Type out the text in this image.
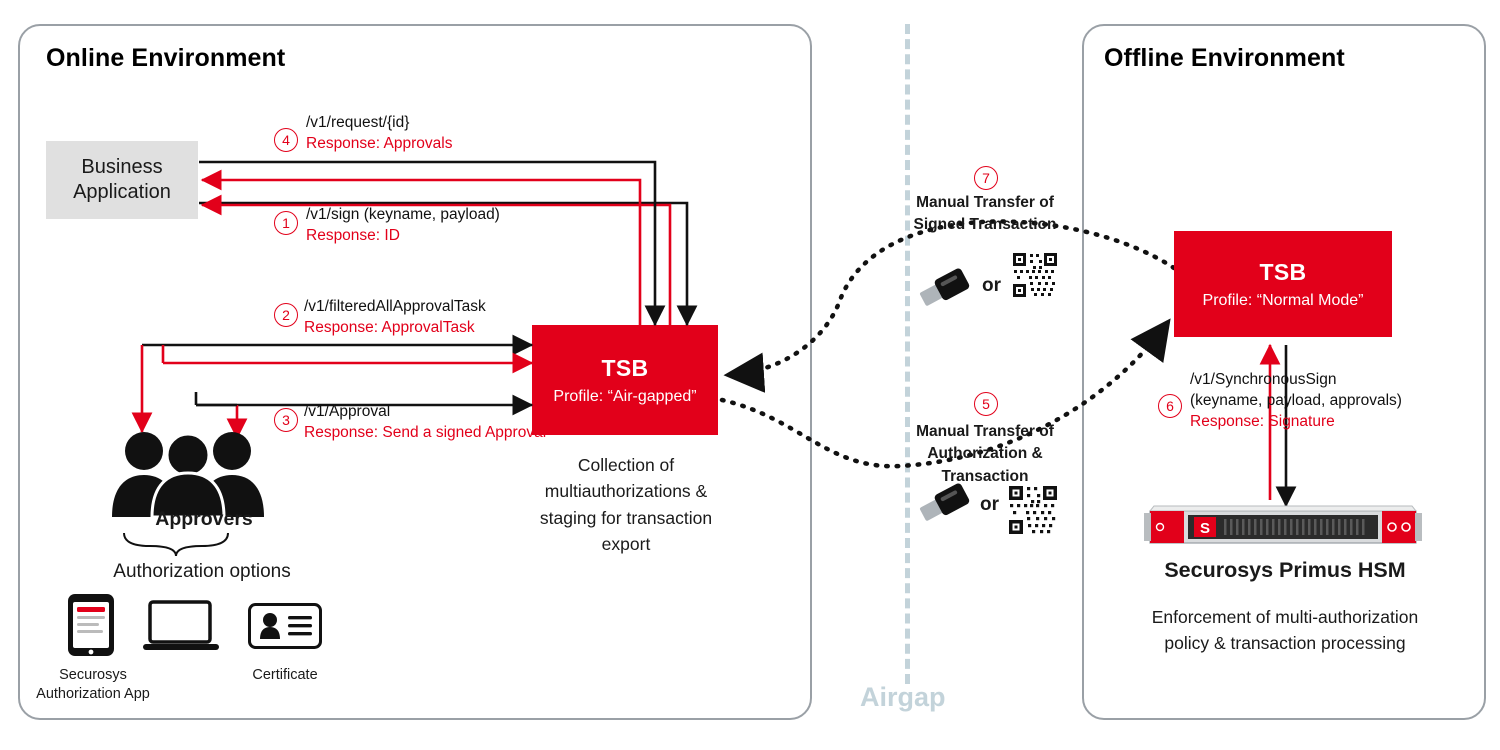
Online Environment	Offline Environment
Airgap
Business Application
TSB
Profile: “Air-gapped”
Collection of multiauthorizations & staging for transaction export
4
/v1/request/{id}
Response: Approvals
1	/v1/sign (keyname, payload)
Response: ID
2 /v1/filteredAllApprovalTask
Response: ApprovalTask
3 /v1/Approval
Response: Send a signed Approval
Approvers
Authorization options
Securosys Authorization App
Certificate
7
Manual Transfer of Signed Transaction
or
5
Manual Transfer of Authorization & Transaction
or
TSB
Profile: “Normal Mode”
6
/v1/SynchronousSign
(keyname, payload, approvals)
Response: Signature
S
Securosys Primus HSM
Enforcement of multi-authorization policy & transaction processing
